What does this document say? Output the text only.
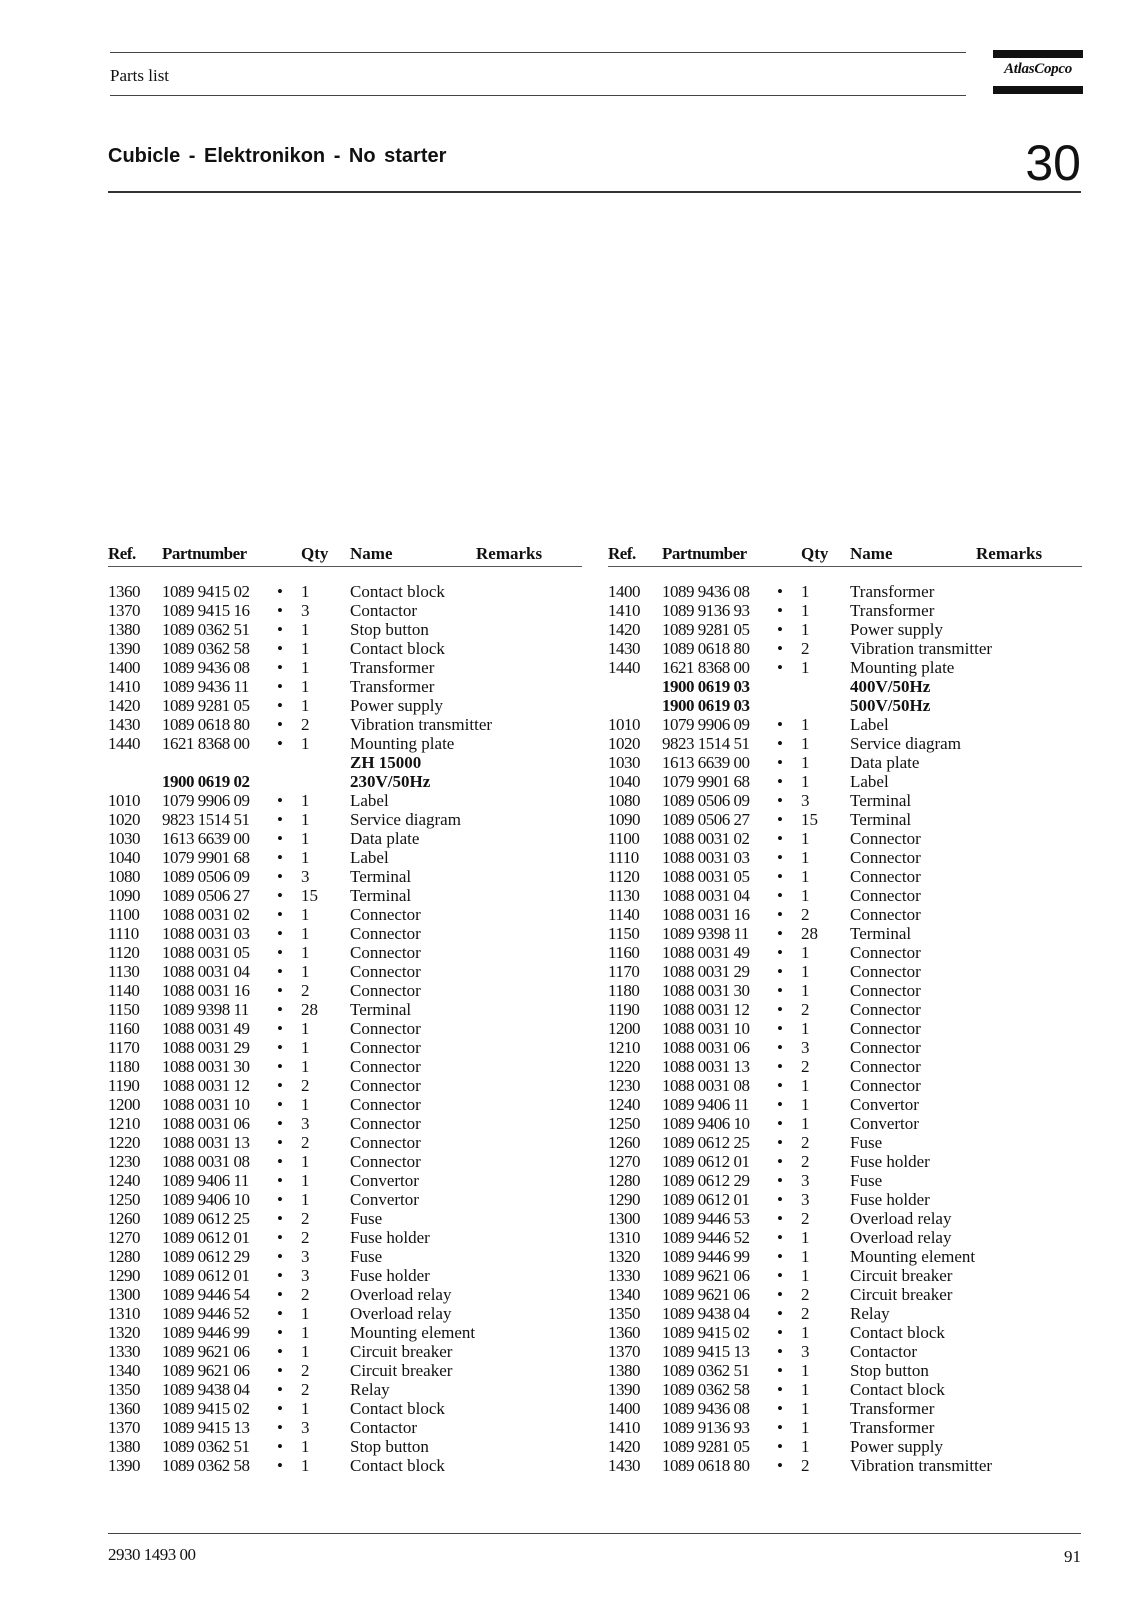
Parts list	AtlasCopco
Cubicle - Elektronikon - No starter	30
Ref. Partnumber	Qty Name	Remarks
1360 1089 9415 02 • 1 Contact block
1370 1089 9415 16 • 3 Contactor
1380 1089 0362 51 • 1 Stop button
1390 1089 0362 58 • 1 Contact block
1400 1089 9436 08 • 1 Transformer
1410 1089 9436 11 • 1 Transformer
1420 1089 9281 05 • 1 Power supply
1430 1089 0618 80 • 2 Vibration transmitter
1440 1621 8368 00 • 1 Mounting plate
ZH 15000
1900 0619 02	230V/50Hz
1010 1079 9906 09 • 1 Label
1020 9823 1514 51 • 1 Service diagram
1030 1613 6639 00 • 1 Data plate
1040 1079 9901 68 • 1 Label
1080 1089 0506 09 • 3 Terminal
1090 1089 0506 27 • 15 Terminal
1100 1088 0031 02 • 1 Connector
1110 1088 0031 03 • 1 Connector
1120 1088 0031 05 • 1 Connector
1130 1088 0031 04 • 1 Connector
1140 1088 0031 16 • 2 Connector
1150 1089 9398 11 • 28 Terminal
1160 1088 0031 49 • 1 Connector
1170 1088 0031 29 • 1 Connector
1180 1088 0031 30 • 1 Connector
1190 1088 0031 12 • 2 Connector
1200 1088 0031 10 • 1 Connector
1210 1088 0031 06 • 3 Connector
1220 1088 0031 13 • 2 Connector
1230 1088 0031 08 • 1 Connector
1240 1089 9406 11 • 1 Convertor
1250 1089 9406 10 • 1 Convertor
1260 1089 0612 25 • 2 Fuse
1270 1089 0612 01 • 2 Fuse holder
1280 1089 0612 29 • 3 Fuse
1290 1089 0612 01 • 3 Fuse holder
1300 1089 9446 54 • 2 Overload relay
1310 1089 9446 52 • 1 Overload relay
1320 1089 9446 99 • 1 Mounting element
1330 1089 9621 06 • 1 Circuit breaker
1340 1089 9621 06 • 2 Circuit breaker
1350 1089 9438 04 • 2 Relay
1360 1089 9415 02 • 1 Contact block
1370 1089 9415 13 • 3 Contactor
1380 1089 0362 51 • 1 Stop button
1390 1089 0362 58 • 1 Contact block
Ref. Partnumber	Qty Name	Remarks
1400 1089 9436 08 • 1 Transformer
1410 1089 9136 93 • 1 Transformer
1420 1089 9281 05 • 1 Power supply
1430 1089 0618 80 • 2 Vibration transmitter
1440 1621 8368 00 • 1 Mounting plate
1900 0619 03	400V/50Hz
1900 0619 03	500V/50Hz
1010 1079 9906 09 • 1 Label
1020 9823 1514 51 • 1 Service diagram
1030 1613 6639 00 • 1 Data plate
1040 1079 9901 68 • 1 Label
1080 1089 0506 09 • 3 Terminal
1090 1089 0506 27 • 15 Terminal
1100 1088 0031 02 • 1 Connector
1110 1088 0031 03 • 1 Connector
1120 1088 0031 05 • 1 Connector
1130 1088 0031 04 • 1 Connector
1140 1088 0031 16 • 2 Connector
1150 1089 9398 11 • 28 Terminal
1160 1088 0031 49 • 1 Connector
1170 1088 0031 29 • 1 Connector
1180 1088 0031 30 • 1 Connector
1190 1088 0031 12 • 2 Connector
1200 1088 0031 10 • 1 Connector
1210 1088 0031 06 • 3 Connector
1220 1088 0031 13 • 2 Connector
1230 1088 0031 08 • 1 Connector
1240 1089 9406 11 • 1 Convertor
1250 1089 9406 10 • 1 Convertor
1260 1089 0612 25 • 2 Fuse
1270 1089 0612 01 • 2 Fuse holder
1280 1089 0612 29 • 3 Fuse
1290 1089 0612 01 • 3 Fuse holder
1300 1089 9446 53 • 2 Overload relay
1310 1089 9446 52 • 1 Overload relay
1320 1089 9446 99 • 1 Mounting element
1330 1089 9621 06 • 1 Circuit breaker
1340 1089 9621 06 • 2 Circuit breaker
1350 1089 9438 04 • 2 Relay
1360 1089 9415 02 • 1 Contact block
1370 1089 9415 13 • 3 Contactor
1380 1089 0362 51 • 1 Stop button
1390 1089 0362 58 • 1 Contact block
1400 1089 9436 08 • 1 Transformer
1410 1089 9136 93 • 1 Transformer
1420 1089 9281 05 • 1 Power supply
1430 1089 0618 80 • 2 Vibration transmitter
2930 1493 00	91
